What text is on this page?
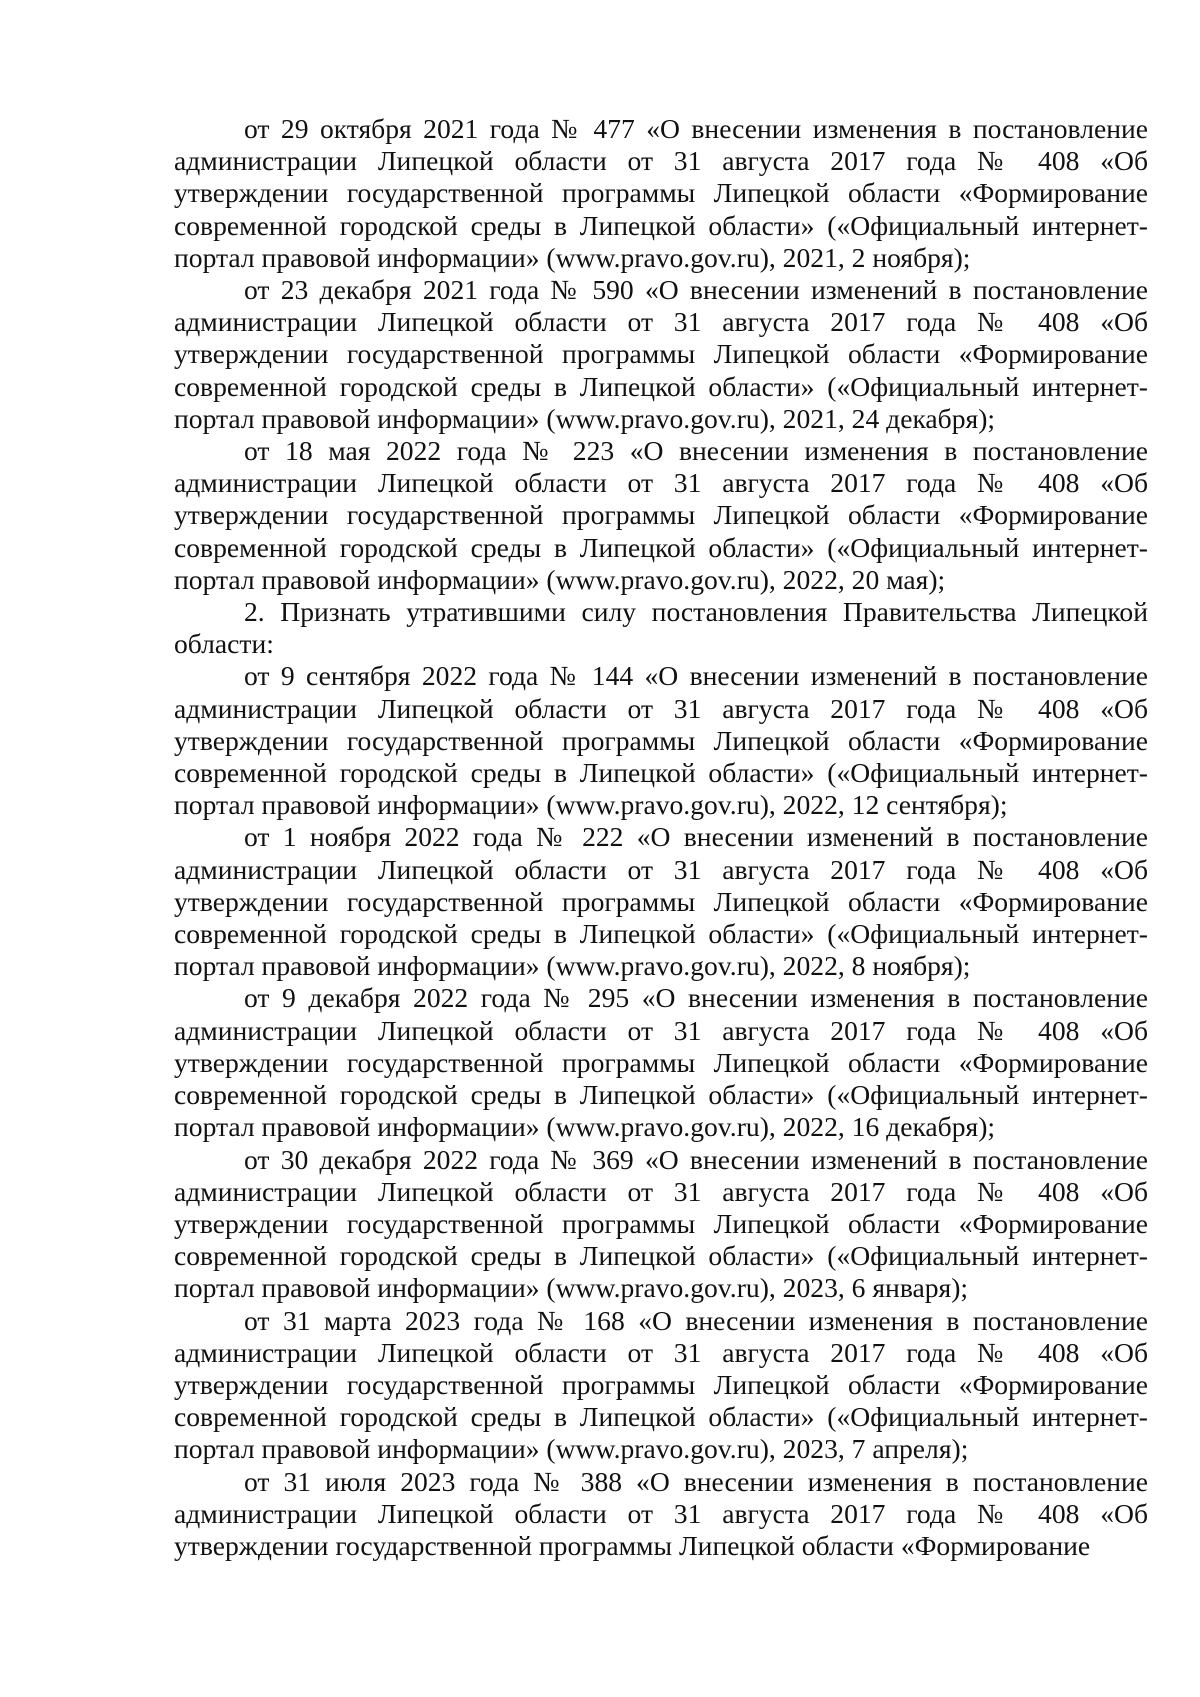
от 29 октября 2021 года № 477 «О внесении изменения в постановление администрации Липецкой области от 31 августа 2017 года № 408 «Об утверждении государственной программы Липецкой области «Формирование современной городской среды в Липецкой области» («Официальный интернет-портал правовой информации» (www.pravo.gov.ru), 2021, 2 ноября);

от 23 декабря 2021 года № 590 «О внесении изменений в постановление администрации Липецкой области от 31 августа 2017 года № 408 «Об утверждении государственной программы Липецкой области «Формирование современной городской среды в Липецкой области» («Официальный интернет-портал правовой информации» (www.pravo.gov.ru), 2021, 24 декабря);

от 18 мая 2022 года № 223 «О внесении изменения в постановление администрации Липецкой области от 31 августа 2017 года № 408 «Об утверждении государственной программы Липецкой области «Формирование современной городской среды в Липецкой области» («Официальный интернет-портал правовой информации» (www.pravo.gov.ru), 2022, 20 мая);

2. Признать утратившими силу постановления Правительства Липецкой области:

от 9 сентября 2022 года № 144 «О внесении изменений в постановление администрации Липецкой области от 31 августа 2017 года № 408 «Об утверждении государственной программы Липецкой области «Формирование современной городской среды в Липецкой области» («Официальный интернет-портал правовой информации» (www.pravo.gov.ru), 2022, 12 сентября);

от 1 ноября 2022 года № 222 «О внесении изменений в постановление администрации Липецкой области от 31 августа 2017 года № 408 «Об утверждении государственной программы Липецкой области «Формирование современной городской среды в Липецкой области» («Официальный интернет-портал правовой информации» (www.pravo.gov.ru), 2022, 8 ноября);

от 9 декабря 2022 года № 295 «О внесении изменения в постановление администрации Липецкой области от 31 августа 2017 года № 408 «Об утверждении государственной программы Липецкой области «Формирование современной городской среды в Липецкой области» («Официальный интернет-портал правовой информации» (www.pravo.gov.ru), 2022, 16 декабря);

от 30 декабря 2022 года № 369 «О внесении изменений в постановление администрации Липецкой области от 31 августа 2017 года № 408 «Об утверждении государственной программы Липецкой области «Формирование современной городской среды в Липецкой области» («Официальный интернет-портал правовой информации» (www.pravo.gov.ru), 2023, 6 января);

от 31 марта 2023 года № 168 «О внесении изменения в постановление администрации Липецкой области от 31 августа 2017 года № 408 «Об утверждении государственной программы Липецкой области «Формирование современной городской среды в Липецкой области» («Официальный интернет-портал правовой информации» (www.pravo.gov.ru), 2023, 7 апреля);

от 31 июля 2023 года № 388 «О внесении изменения в постановление администрации Липецкой области от 31 августа 2017 года № 408 «Об утверждении государственной программы Липецкой области «Формирование
